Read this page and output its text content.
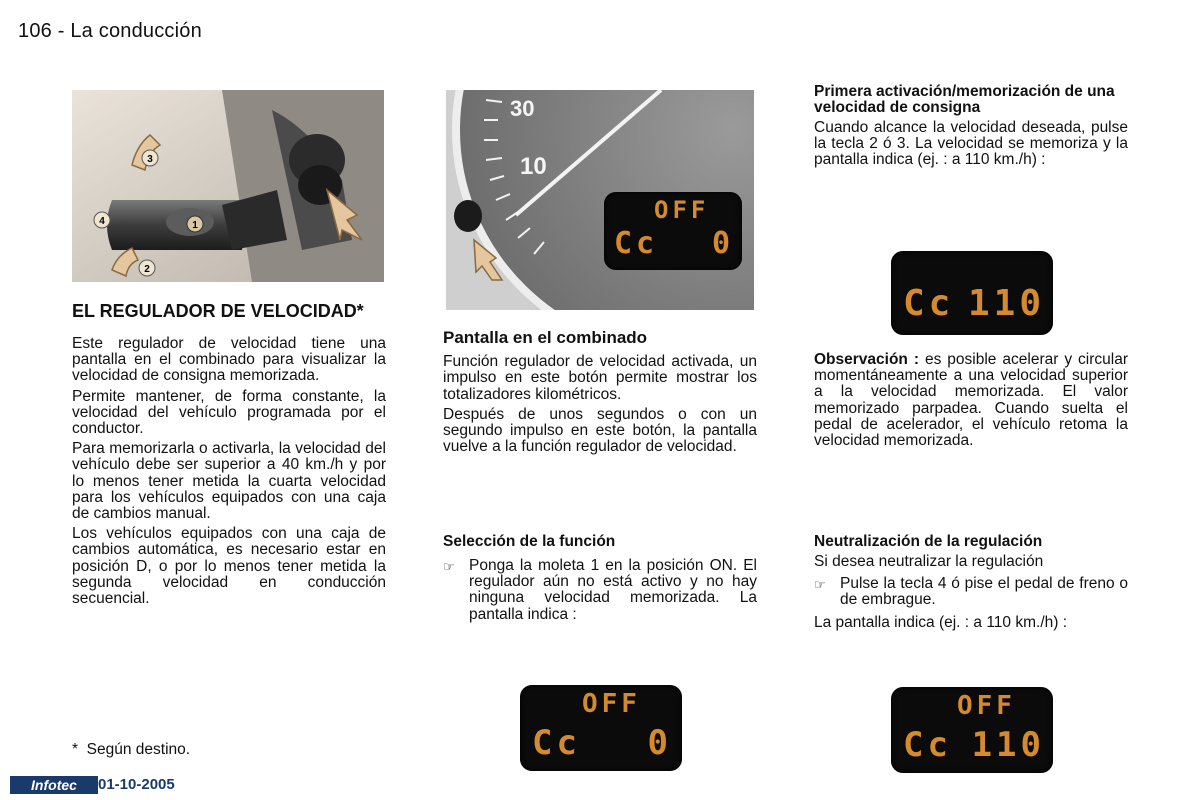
106 - La conducción
3
2
4	1
30
10
OFF
Cc 0
EL REGULADOR DE VELOCIDAD*

Este regulador de velocidad tiene una pantalla en el combinado para visualizar la velocidad de consigna memorizada.

Permite mantener, de forma constante, la velocidad del vehículo programada por el conductor.

Para memorizarla o activarla, la velocidad del vehículo debe ser superior a 40 km./h y por lo menos tener metida la cuarta velocidad para los vehículos equipados con una caja de cambios manual.

Los vehículos equipados con una caja de cambios automática, es necesario estar en posición D, o por lo menos tener metida la segunda velocidad en conducción secuencial.

*  Según destino.
Pantalla en el combinado

Función regulador de velocidad activada, un impulso en este botón permite mostrar los totalizadores kilométricos.

Después de unos segundos o con un segundo impulso en este botón, la pantalla vuelve a la función regulador de velocidad.

Selección de la función
☞ Ponga la moleta 1 en la posición ON. El regulador aún no está activo y no hay ninguna velocidad memorizada. La pantalla indica :
OFF
Cc 0
Primera activación/memorización de una velocidad de consigna

Cuando alcance la velocidad deseada, pulse la tecla 2 ó 3. La velocidad se memoriza y la pantalla indica (ej. : a 110 km./h) :

Cc 110

Observación : es posible acelerar y circular momentáneamente a una velocidad superior a la velocidad memorizada. El valor memorizado parpadea. Cuando suelta el pedal de acelerador, el vehículo retoma la velocidad memorizada.

Neutralización de la regulación

Si desea neutralizar la regulación

☞ Pulse la tecla 4 ó pise el pedal de freno o de embrague.

La pantalla indica (ej. : a 110 km./h) :

OFF
Cc 110
Infotec	01-10-2005
